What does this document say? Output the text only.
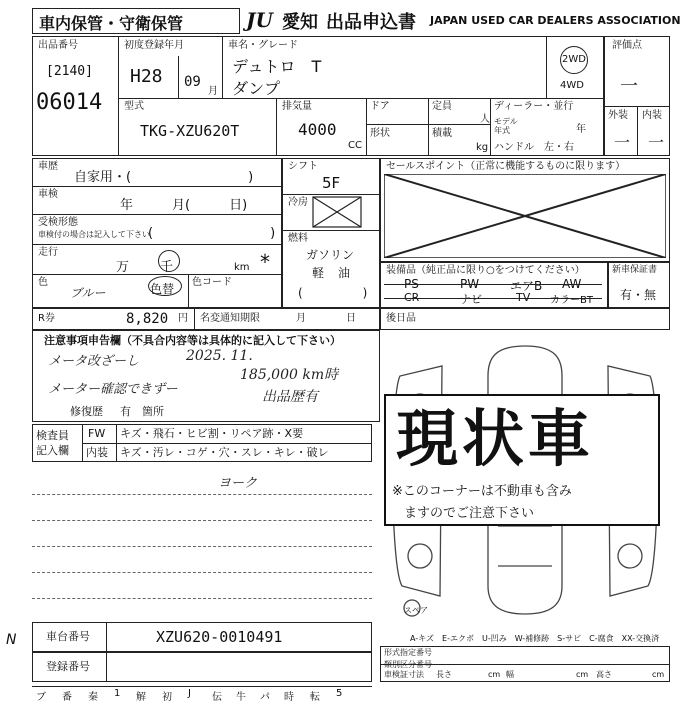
車内保管・守衛保管	JU 愛知 出品申込書 JAPAN USED CAR DEALERS ASSOCIATION
出品番号
[2140]
06014
初度登録年月
H28 09
月
車名・グレード
デュトロ　T
ダンプ
2WD
4WD
型式
TKG-XZU620T
排気量
4000
CC
ドア
形状
定員
人
積載
kg
ディーラー・並行
モデル
年式	年
ハンドル　左・右
評価点
一
外装 内装
一 一
車歴
自家用・(　　　　　　　　　)
車検
年　　　月(　　　日)
受検形態
車検付の場合は記入して下さい
(　　　　　　　　　)
走行
万 千	km *
色
ブルー	色替 色コード
シフト
5F
冷房
燃料
ガソリン
軽 油
(　　　　　)
セールスポイント（正常に機能するものに限ります）
装備品（純正品に限り○をつけてください）
PS	PW	エアB AW
CR	ナビ	TV カラーBT
新車保証書
有・無
R券	8,820 円 名変通知期限	月	日	後日品
注意事項申告欄（不具合内容等は具体的に記入して下さい）
メータ改ざーし	2025. 11.
185,000 km時
メーター確認できずー	出品歴有
修復歴 有　箇所
検査員
記入欄
FW キズ・飛石・ヒビ割・リペア跡・X要
内装 キズ・汚レ・コゲ・穴・スレ・キレ・破レ
ヨーク
現状車
※このコーナーは不動車も含み
ますのでご注意下さい
スペア
N	車台番号	XZU620-0010491
登録番号
ブ 番 秦 1 解 初 J 伝 牛 パ 時 転 5
A-キズ　E-エクボ　U-凹み　W-補修跡　S-サビ　C-腐食　XX-交換済
形式指定番号
類別区分番号
車検証寸法 長さ	cm 幅	cm 高さ	cm
